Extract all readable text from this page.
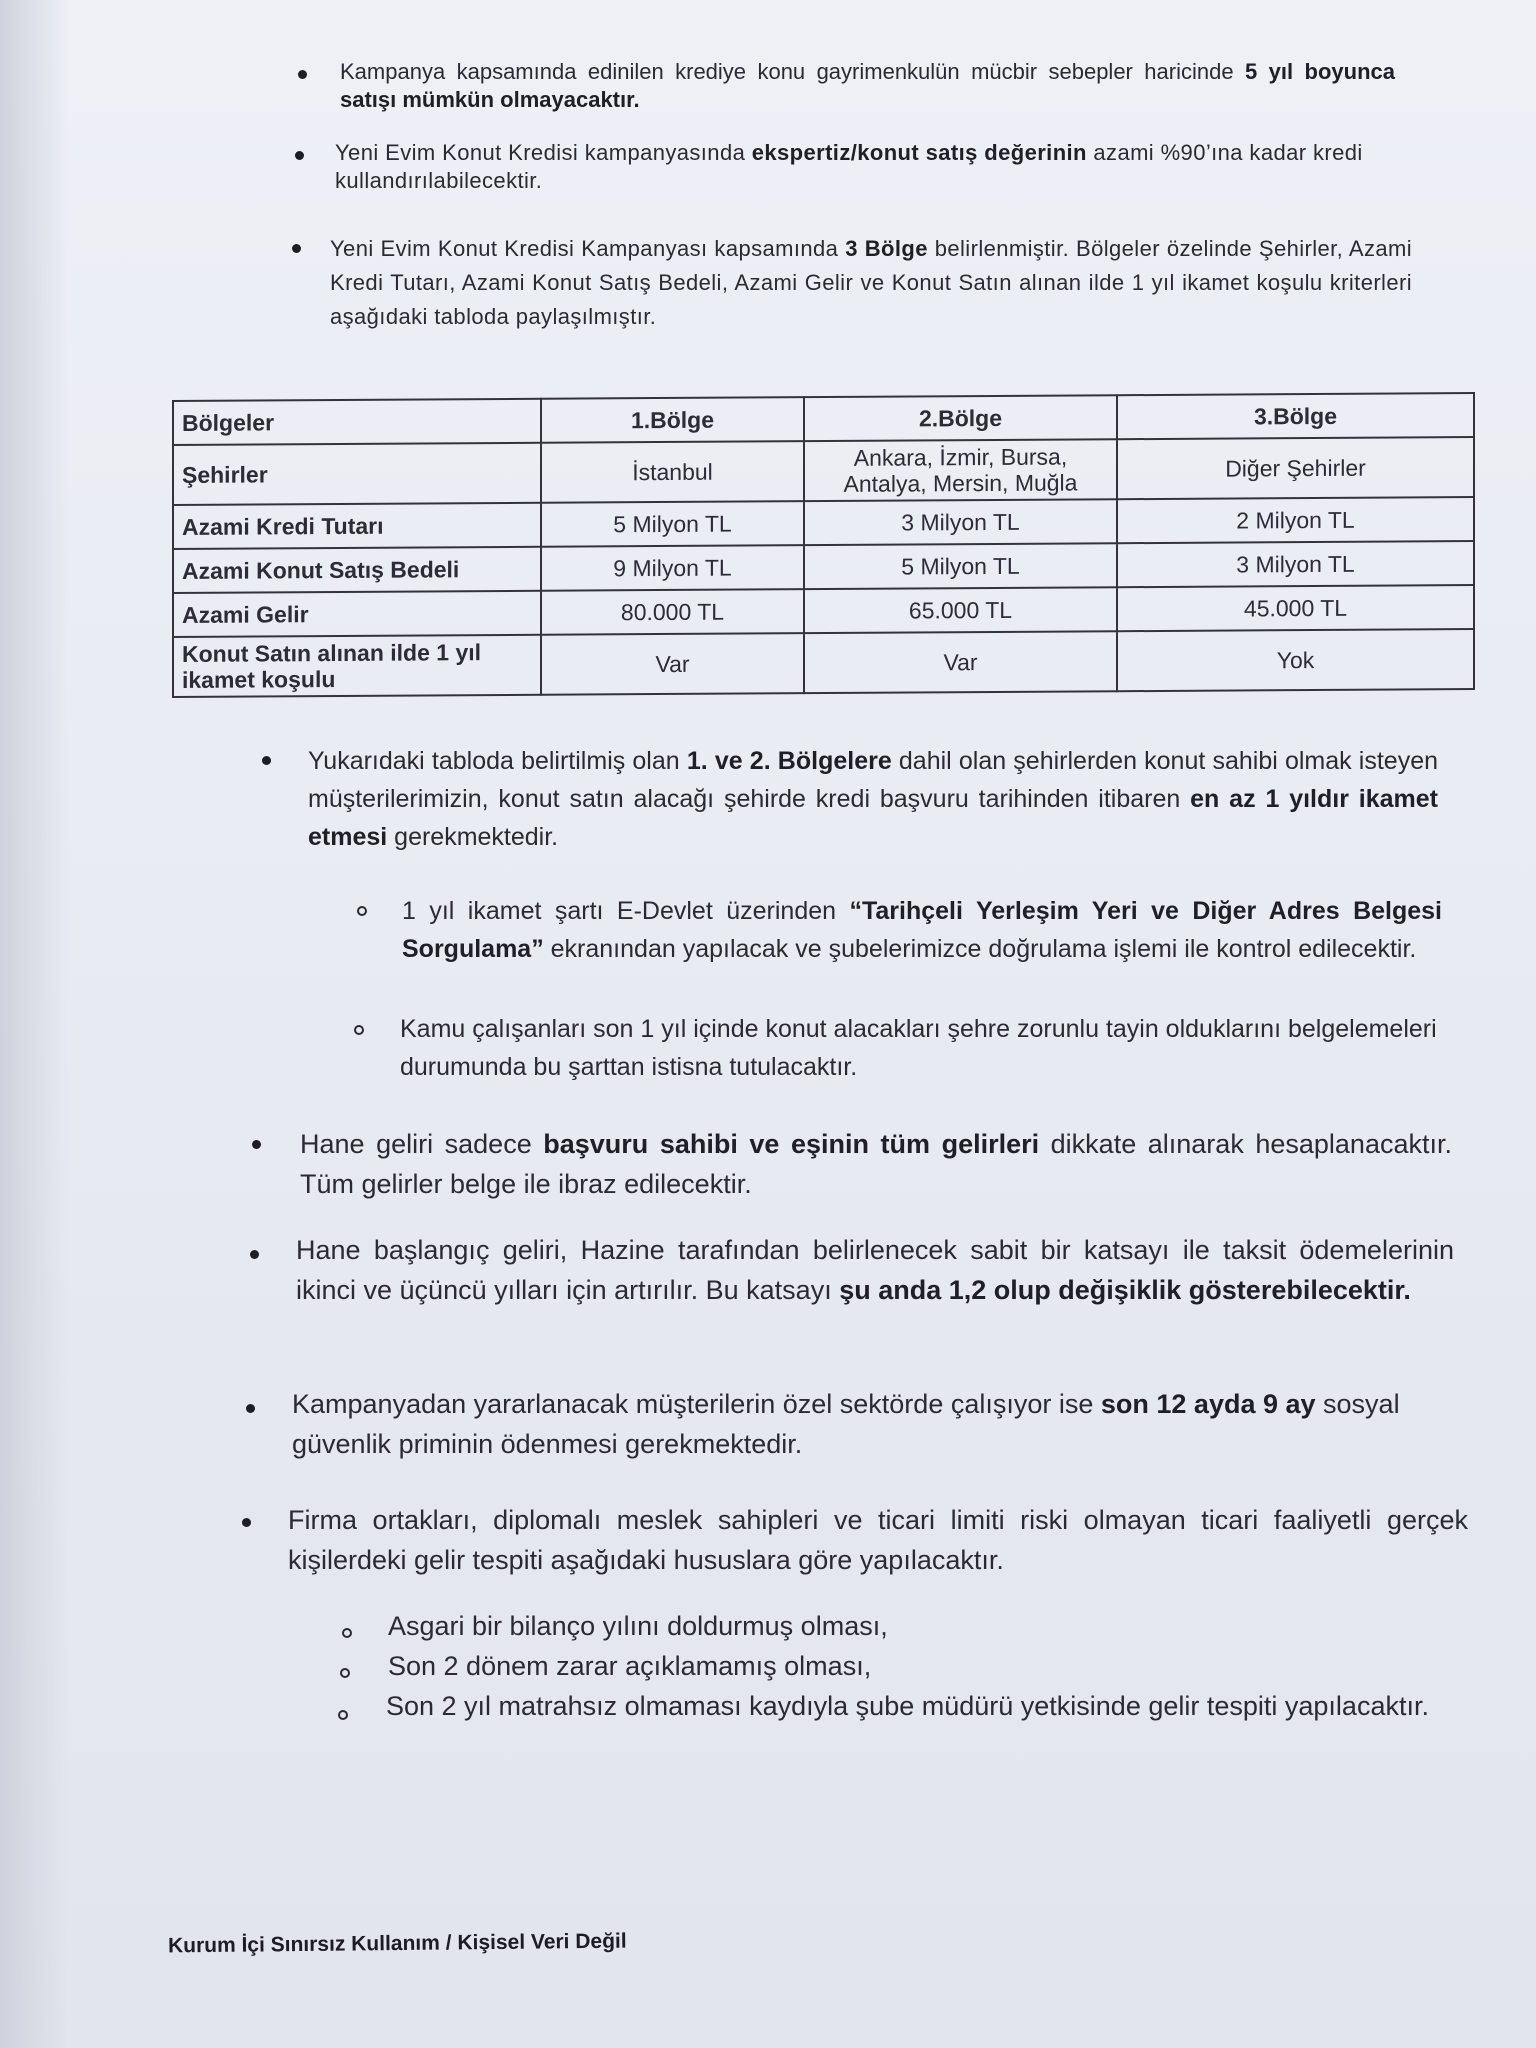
Kampanya kapsamında edinilen krediye konu gayrimenkulün mücbir sebepler haricinde 5 yıl boyunca satışı mümkün olmayacaktır.
Yeni Evim Konut Kredisi kampanyasında ekspertiz/konut satış değerinin azami %90’ına kadar kredi kullandırılabilecektir.
Yeni Evim Konut Kredisi Kampanyası kapsamında 3 Bölge belirlenmiştir. Bölgeler özelinde Şehirler, Azami Kredi Tutarı, Azami Konut Satış Bedeli, Azami Gelir ve Konut Satın alınan ilde 1 yıl ikamet koşulu kriterleri aşağıdaki tabloda paylaşılmıştır.
Bölgeler	1.Bölge	2.Bölge	3.Bölge
Şehirler	İstanbul	Ankara, İzmir, Bursa, Antalya, Mersin, Muğla	Diğer Şehirler
Azami Kredi Tutarı	5 Milyon TL	3 Milyon TL	2 Milyon TL
Azami Konut Satış Bedeli	9 Milyon TL	5 Milyon TL	3 Milyon TL
Azami Gelir	80.000 TL	65.000 TL	45.000 TL
Konut Satın alınan ilde 1 yıl ikamet koşulu	Var	Var	Yok
Yukarıdaki tabloda belirtilmiş olan 1. ve 2. Bölgelere dahil olan şehirlerden konut sahibi olmak isteyen müşterilerimizin, konut satın alacağı şehirde kredi başvuru tarihinden itibaren en az 1 yıldır ikamet etmesi gerekmektedir.
1 yıl ikamet şartı E-Devlet üzerinden “Tarihçeli Yerleşim Yeri ve Diğer Adres Belgesi Sorgulama” ekranından yapılacak ve şubelerimizce doğrulama işlemi ile kontrol edilecektir.
Kamu çalışanları son 1 yıl içinde konut alacakları şehre zorunlu tayin olduklarını belgelemeleri durumunda bu şarttan istisna tutulacaktır.
Hane geliri sadece başvuru sahibi ve eşinin tüm gelirleri dikkate alınarak hesaplanacaktır. Tüm gelirler belge ile ibraz edilecektir.
Hane başlangıç geliri, Hazine tarafından belirlenecek sabit bir katsayı ile taksit ödemelerinin ikinci ve üçüncü yılları için artırılır. Bu katsayı şu anda 1,2 olup değişiklik gösterebilecektir.
Kampanyadan yararlanacak müşterilerin özel sektörde çalışıyor ise son 12 ayda 9 ay sosyal güvenlik priminin ödenmesi gerekmektedir.
Firma ortakları, diplomalı meslek sahipleri ve ticari limiti riski olmayan ticari faaliyetli gerçek kişilerdeki gelir tespiti aşağıdaki hususlara göre yapılacaktır.
Asgari bir bilanço yılını doldurmuş olması,
Son 2 dönem zarar açıklamamış olması,
Son 2 yıl matrahsız olmaması kaydıyla şube müdürü yetkisinde gelir tespiti yapılacaktır.
Kurum İçi Sınırsız Kullanım / Kişisel Veri Değil
